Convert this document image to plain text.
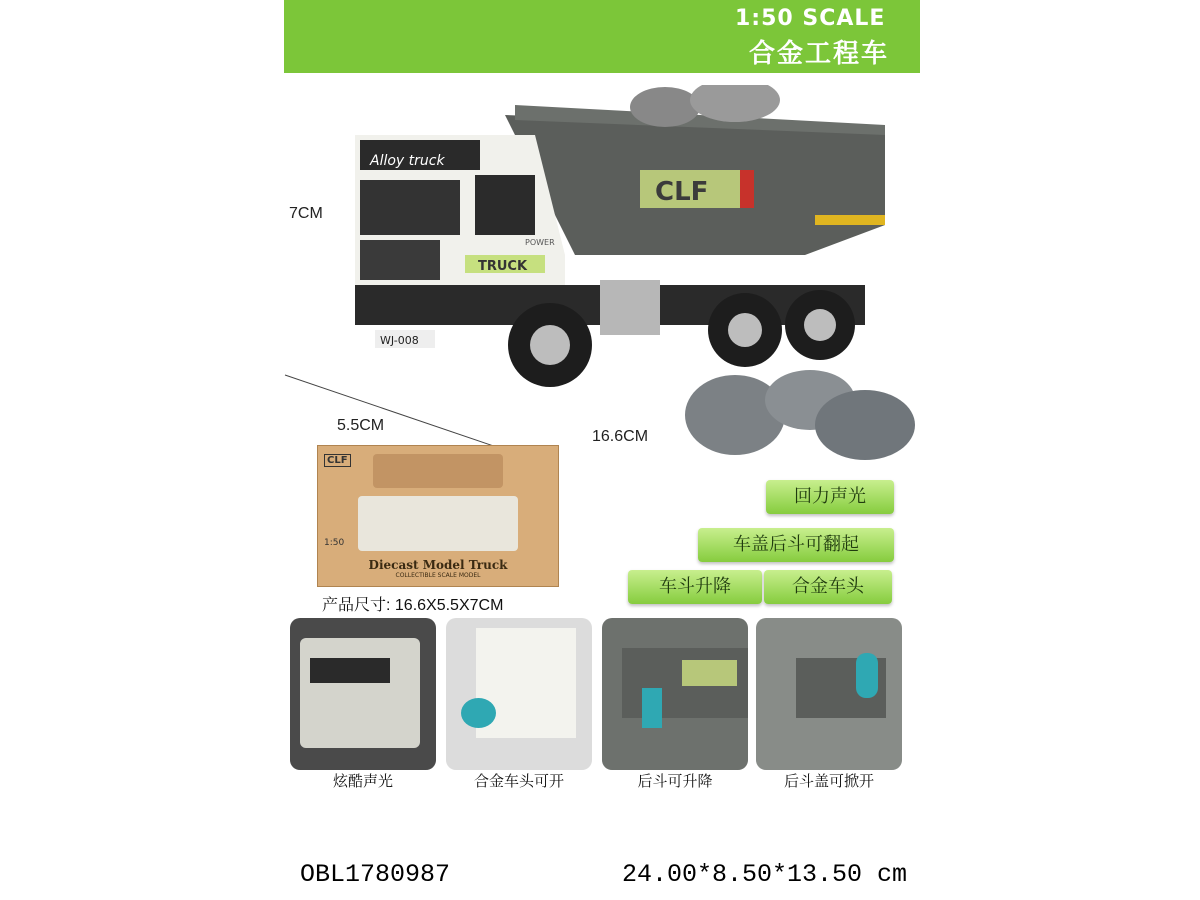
1:50 SCALE
合金工程车
7CM
5.5CM
16.6CM
CLF
Alloy truck
TRUCK
POWER
WJ-008
CLF
1:50
Diecast Model Truck
COLLECTIBLE SCALE MODEL
产品尺寸: 16.6X5.5X7CM
回力声光
车盖后斗可翻起
车斗升降	合金车头
炫酷声光	合金车头可开	后斗可升降	后斗盖可掀开
OBL1780987	24.00*8.50*13.50 cm
